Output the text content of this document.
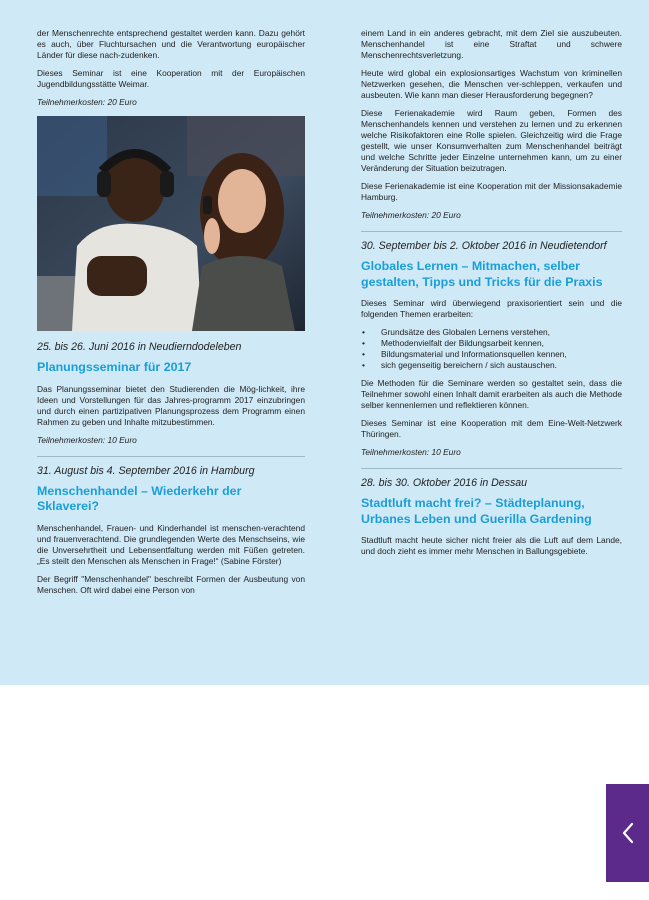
der Menschenrechte entsprechend gestaltet werden kann. Dazu gehört es auch, über Fluchtursachen und die Verantwortung europäischer Länder für diese nach-zudenken.

Dieses Seminar ist eine Kooperation mit der Europäischen Jugendbildungsstätte Weimar.

Teilnehmerkosten: 20 Euro

25. bis 26. Juni 2016 in Neudierndodeleben

Planungsseminar für 2017

Das Planungsseminar bietet den Studierenden die Mög-lichkeit, ihre Ideen und Vorstellungen für das Jahres-programm 2017 einzubringen und durch einen partizipativen Planungsprozess dem Programm einen Rahmen zu geben und Inhalte mitzubestimmen.

Teilnehmerkosten: 10 Euro

31. August bis 4. September 2016 in Hamburg

Menschenhandel – Wiederkehr der Sklaverei?

Menschenhandel, Frauen- und Kinderhandel ist menschen-verachtend und frauenverachtend. Die grundlegenden Werte des Menschseins, wie die Unversehrtheit und Lebensentfaltung werden mit Füßen getreten. „Es steilt den Menschen als Menschen in Frage!“ (Sabine Förster)

Der Begriff "Menschenhandel" beschreibt Formen der Ausbeutung von Menschen. Oft wird dabei eine Person von

einem Land in ein anderes gebracht, mit dem Ziel sie auszubeuten. Menschenhandel ist eine Straftat und schwere Menschenrechtsverletzung.

Heute wird global ein explosionsartiges Wachstum von kriminellen Netzwerken gesehen, die Menschen ver-schleppen, verkaufen und ausbeuten. Wie kann man dieser Herausforderung begegnen?

Diese Ferienakademie wird Raum geben, Formen des Menschenhandels kennen und verstehen zu lernen und zu erkennen welche Risikofaktoren eine Rolle spielen. Gleichzeitig wird die Frage gestellt, wie unser Konsumverhalten zum Menschenhandel beiträgt und welche Schritte jeder Einzelne unternehmen kann, um zu einer Veränderung der Situation beizutragen.

Diese Ferienakademie ist eine Kooperation mit der Missionsakademie Hamburg.

Teilnehmerkosten: 20 Euro

30. September bis 2. Oktober 2016 in Neudietendorf

Globales Lernen – Mitmachen, selber gestalten, Tipps und Tricks für die Praxis

Dieses Seminar wird überwiegend praxisorientiert sein und die folgenden Themen erarbeiten:

• Grundsätze des Globalen Lernens verstehen,
• Methodenvielfalt der Bildungsarbeit kennen,
• Bildungsmaterial und Informationsquellen kennen,
• sich gegenseitig bereichern / sich austauschen.

Die Methoden für die Seminare werden so gestaltet sein, dass die Teilnehmer sowohl einen Inhalt damit erarbeiten als auch die Methode selber kennenlernen und reflektieren können.

Dieses Seminar ist eine Kooperation mit dem Eine-Welt-Netzwerk Thüringen.

Teilnehmerkosten: 10 Euro

28. bis 30. Oktober 2016 in Dessau

Stadtluft macht frei? – Städteplanung, Urbanes Leben und Guerilla Gardening

Stadtluft macht heute sicher nicht freier als die Luft auf dem Lande, und doch zieht es immer mehr Menschen in Ballungsgebiete.
